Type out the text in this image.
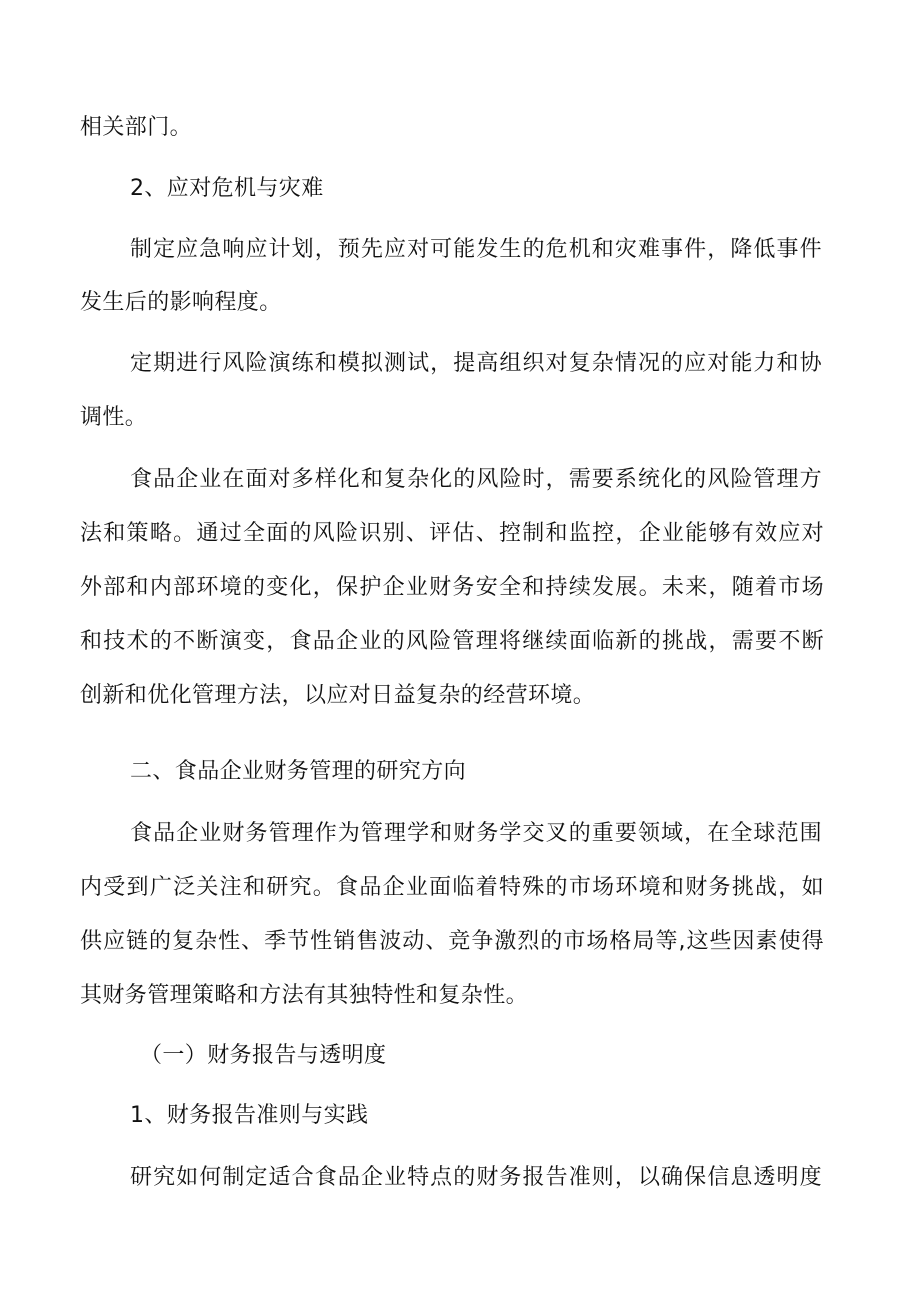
相关部门。
2、应对危机与灾难
制定应急响应计划，预先应对可能发生的危机和灾难事件，降低事件
发生后的影响程度。
定期进行风险演练和模拟测试，提高组织对复杂情况的应对能力和协
调性。
食品企业在面对多样化和复杂化的风险时，需要系统化的风险管理方
法和策略。通过全面的风险识别、评估、控制和监控，企业能够有效应对
外部和内部环境的变化，保护企业财务安全和持续发展。未来，随着市场
和技术的不断演变，食品企业的风险管理将继续面临新的挑战，需要不断
创新和优化管理方法，以应对日益复杂的经营环境。
二、食品企业财务管理的研究方向
食品企业财务管理作为管理学和财务学交叉的重要领域，在全球范围
内受到广泛关注和研究。食品企业面临着特殊的市场环境和财务挑战，如
供应链的复杂性、季节性销售波动、竞争激烈的市场格局等,这些因素使得
其财务管理策略和方法有其独特性和复杂性。
（一）财务报告与透明度
1、财务报告准则与实践
研究如何制定适合食品企业特点的财务报告准则，以确保信息透明度
